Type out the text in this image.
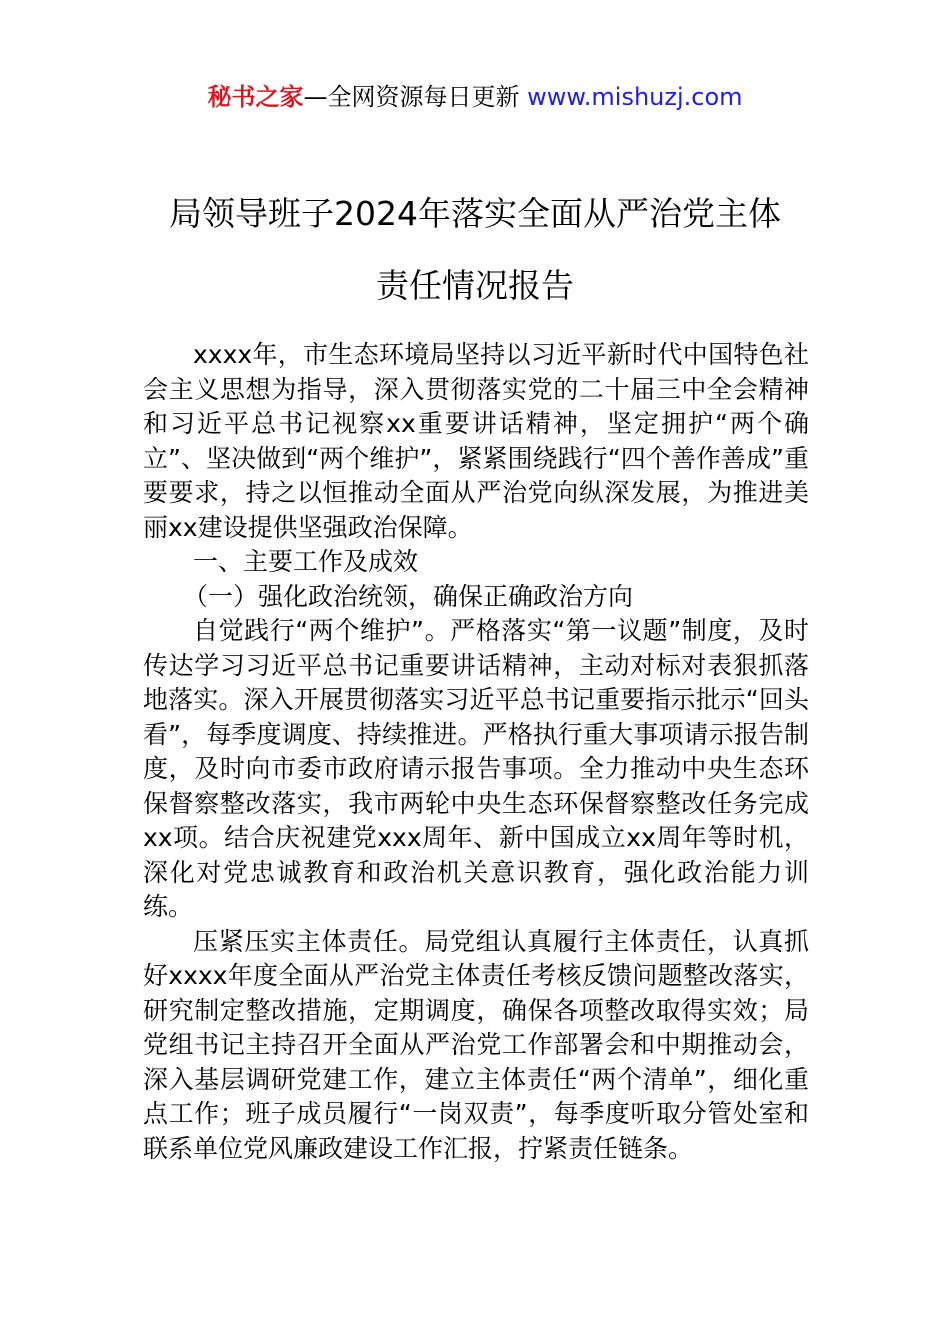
秘书之家—全网资源每日更新 www.mishuzj.com
局领导班子2024年落实全面从严治党主体
责任情况报告

xxxx年，市生态环境局坚持以习近平新时代中国特色社会主义思想为指导，深入贯彻落实党的二十届三中全会精神和习近平总书记视察xx重要讲话精神，坚定拥护“两个确立”、坚决做到“两个维护”，紧紧围绕践行“四个善作善成”重要要求，持之以恒推动全面从严治党向纵深发展，为推进美丽xx建设提供坚强政治保障。

一、主要工作及成效

（一）强化政治统领，确保正确政治方向

自觉践行“两个维护”。严格落实“第一议题”制度，及时传达学习习近平总书记重要讲话精神，主动对标对表狠抓落地落实。深入开展贯彻落实习近平总书记重要指示批示“回头看”，每季度调度、持续推进。严格执行重大事项请示报告制度，及时向市委市政府请示报告事项。全力推动中央生态环保督察整改落实，我市两轮中央生态环保督察整改任务完成xx项。结合庆祝建党xxx周年、新中国成立xx周年等时机，深化对党忠诚教育和政治机关意识教育，强化政治能力训练。

压紧压实主体责任。局党组认真履行主体责任，认真抓好xxxx年度全面从严治党主体责任考核反馈问题整改落实，研究制定整改措施，定期调度，确保各项整改取得实效；局党组书记主持召开全面从严治党工作部署会和中期推动会，深入基层调研党建工作，建立主体责任“两个清单”，细化重点工作；班子成员履行“一岗双责”，每季度听取分管处室和联系单位党风廉政建设工作汇报，拧紧责任链条。
